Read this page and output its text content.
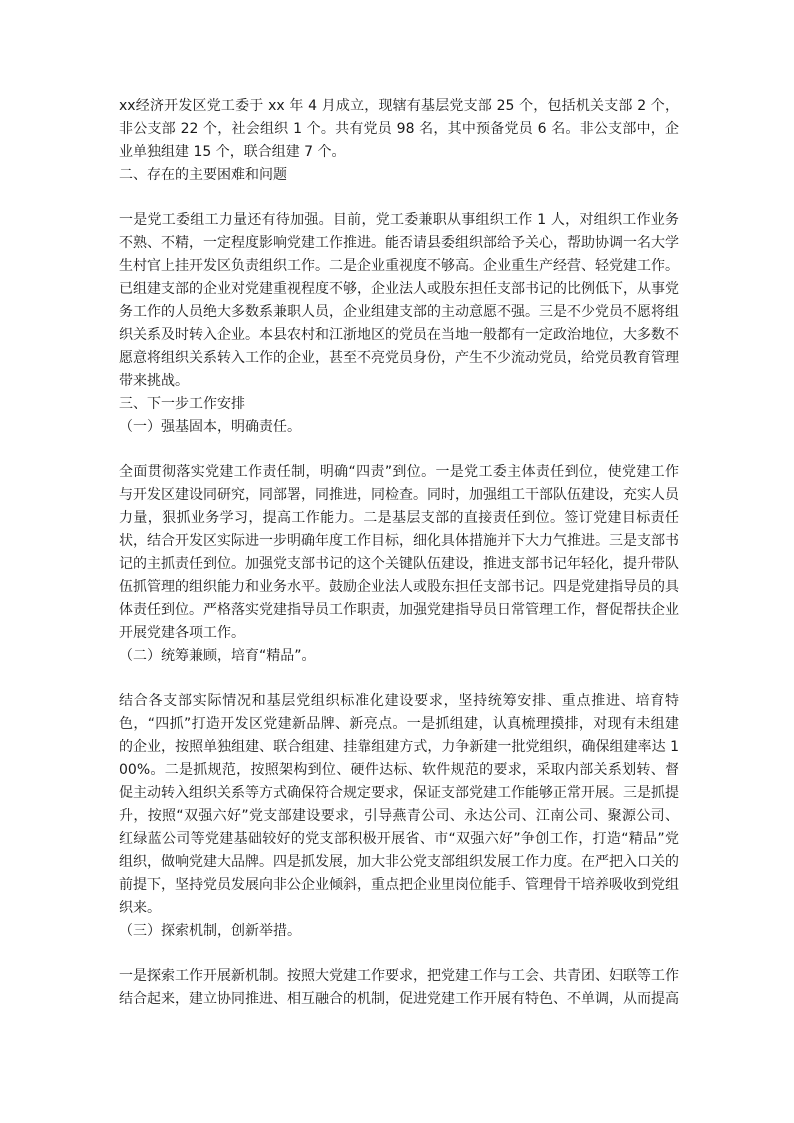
xx经济开发区党工委于 xx 年 4 月成立，现辖有基层党支部 25 个，包括机关支部 2 个，非公支部 22 个，社会组织 1 个。共有党员 98 名，其中预备党员 6 名。非公支部中，企业单独组建 15 个，联合组建 7 个。

二、存在的主要困难和问题

一是党工委组工力量还有待加强。目前，党工委兼职从事组织工作 1 人，对组织工作业务不熟、不精，一定程度影响党建工作推进。能否请县委组织部给予关心，帮助协调一名大学生村官上挂开发区负责组织工作。二是企业重视度不够高。企业重生产经营、轻党建工作。已组建支部的企业对党建重视程度不够，企业法人或股东担任支部书记的比例低下，从事党务工作的人员绝大多数系兼职人员，企业组建支部的主动意愿不强。三是不少党员不愿将组织关系及时转入企业。本县农村和江浙地区的党员在当地一般都有一定政治地位，大多数不愿意将组织关系转入工作的企业，甚至不亮党员身份，产生不少流动党员，给党员教育管理带来挑战。

三、下一步工作安排

（一）强基固本，明确责任。

全面贯彻落实党建工作责任制，明确“四责”到位。一是党工委主体责任到位，使党建工作与开发区建设同研究，同部署，同推进，同检查。同时，加强组工干部队伍建设，充实人员力量，狠抓业务学习，提高工作能力。二是基层支部的直接责任到位。签订党建目标责任状，结合开发区实际进一步明确年度工作目标，细化具体措施并下大力气推进。三是支部书记的主抓责任到位。加强党支部书记的这个关键队伍建设，推进支部书记年轻化，提升带队伍抓管理的组织能力和业务水平。鼓励企业法人或股东担任支部书记。四是党建指导员的具体责任到位。严格落实党建指导员工作职责，加强党建指导员日常管理工作，督促帮扶企业开展党建各项工作。

（二）统筹兼顾，培育“精品”。

结合各支部实际情况和基层党组织标准化建设要求，坚持统筹安排、重点推进、培育特色，“四抓”打造开发区党建新品牌、新亮点。一是抓组建，认真梳理摸排，对现有未组建的企业，按照单独组建、联合组建、挂靠组建方式，力争新建一批党组织，确保组建率达 100%。二是抓规范，按照架构到位、硬件达标、软件规范的要求，采取内部关系划转、督促主动转入组织关系等方式确保符合规定要求，保证支部党建工作能够正常开展。三是抓提升，按照“双强六好”党支部建设要求，引导燕青公司、永达公司、江南公司、聚源公司、红绿蓝公司等党建基础较好的党支部积极开展省、市“双强六好”争创工作，打造“精品”党组织，做响党建大品牌。四是抓发展，加大非公党支部组织发展工作力度。在严把入口关的前提下，坚持党员发展向非公企业倾斜，重点把企业里岗位能手、管理骨干培养吸收到党组织来。

（三）探索机制，创新举措。

一是探索工作开展新机制。按照大党建工作要求，把党建工作与工会、共青团、妇联等工作结合起来，建立协同推进、相互融合的机制，促进党建工作开展有特色、不单调，从而提高
